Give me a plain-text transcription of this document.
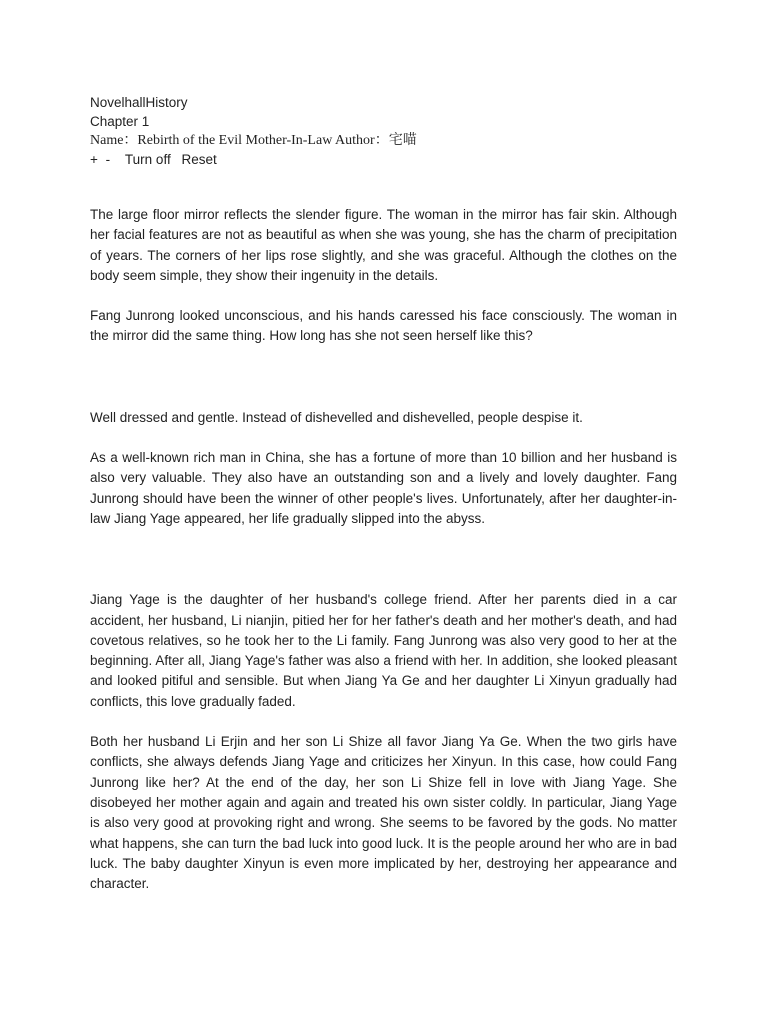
NovelhallHistory
Chapter 1
Name：Rebirth of the Evil Mother-In-Law Author：宅喵
+ - Turn off Reset

The large floor mirror reflects the slender figure. The woman in the mirror has fair skin. Although her facial features are not as beautiful as when she was young, she has the charm of precipitation of years. The corners of her lips rose slightly, and she was graceful. Although the clothes on the body seem simple, they show their ingenuity in the details.

Fang Junrong looked unconscious, and his hands caressed his face consciously. The woman in the mirror did the same thing. How long has she not seen herself like this?

Well dressed and gentle. Instead of dishevelled and dishevelled, people despise it.

As a well-known rich man in China, she has a fortune of more than 10 billion and her husband is also very valuable. They also have an outstanding son and a lively and lovely daughter. Fang Junrong should have been the winner of other people's lives. Unfortunately, after her daughter-in-law Jiang Yage appeared, her life gradually slipped into the abyss.

Jiang Yage is the daughter of her husband's college friend. After her parents died in a car accident, her husband, Li nianjin, pitied her for her father's death and her mother's death, and had covetous relatives, so he took her to the Li family. Fang Junrong was also very good to her at the beginning. After all, Jiang Yage's father was also a friend with her. In addition, she looked pleasant and looked pitiful and sensible. But when Jiang Ya Ge and her daughter Li Xinyun gradually had conflicts, this love gradually faded.

Both her husband Li Erjin and her son Li Shize all favor Jiang Ya Ge. When the two girls have conflicts, she always defends Jiang Yage and criticizes her Xinyun. In this case, how could Fang Junrong like her? At the end of the day, her son Li Shize fell in love with Jiang Yage. She disobeyed her mother again and again and treated his own sister coldly. In particular, Jiang Yage is also very good at provoking right and wrong. She seems to be favored by the gods. No matter what happens, she can turn the bad luck into good luck. It is the people around her who are in bad luck. The baby daughter Xinyun is even more implicated by her, destroying her appearance and character.
